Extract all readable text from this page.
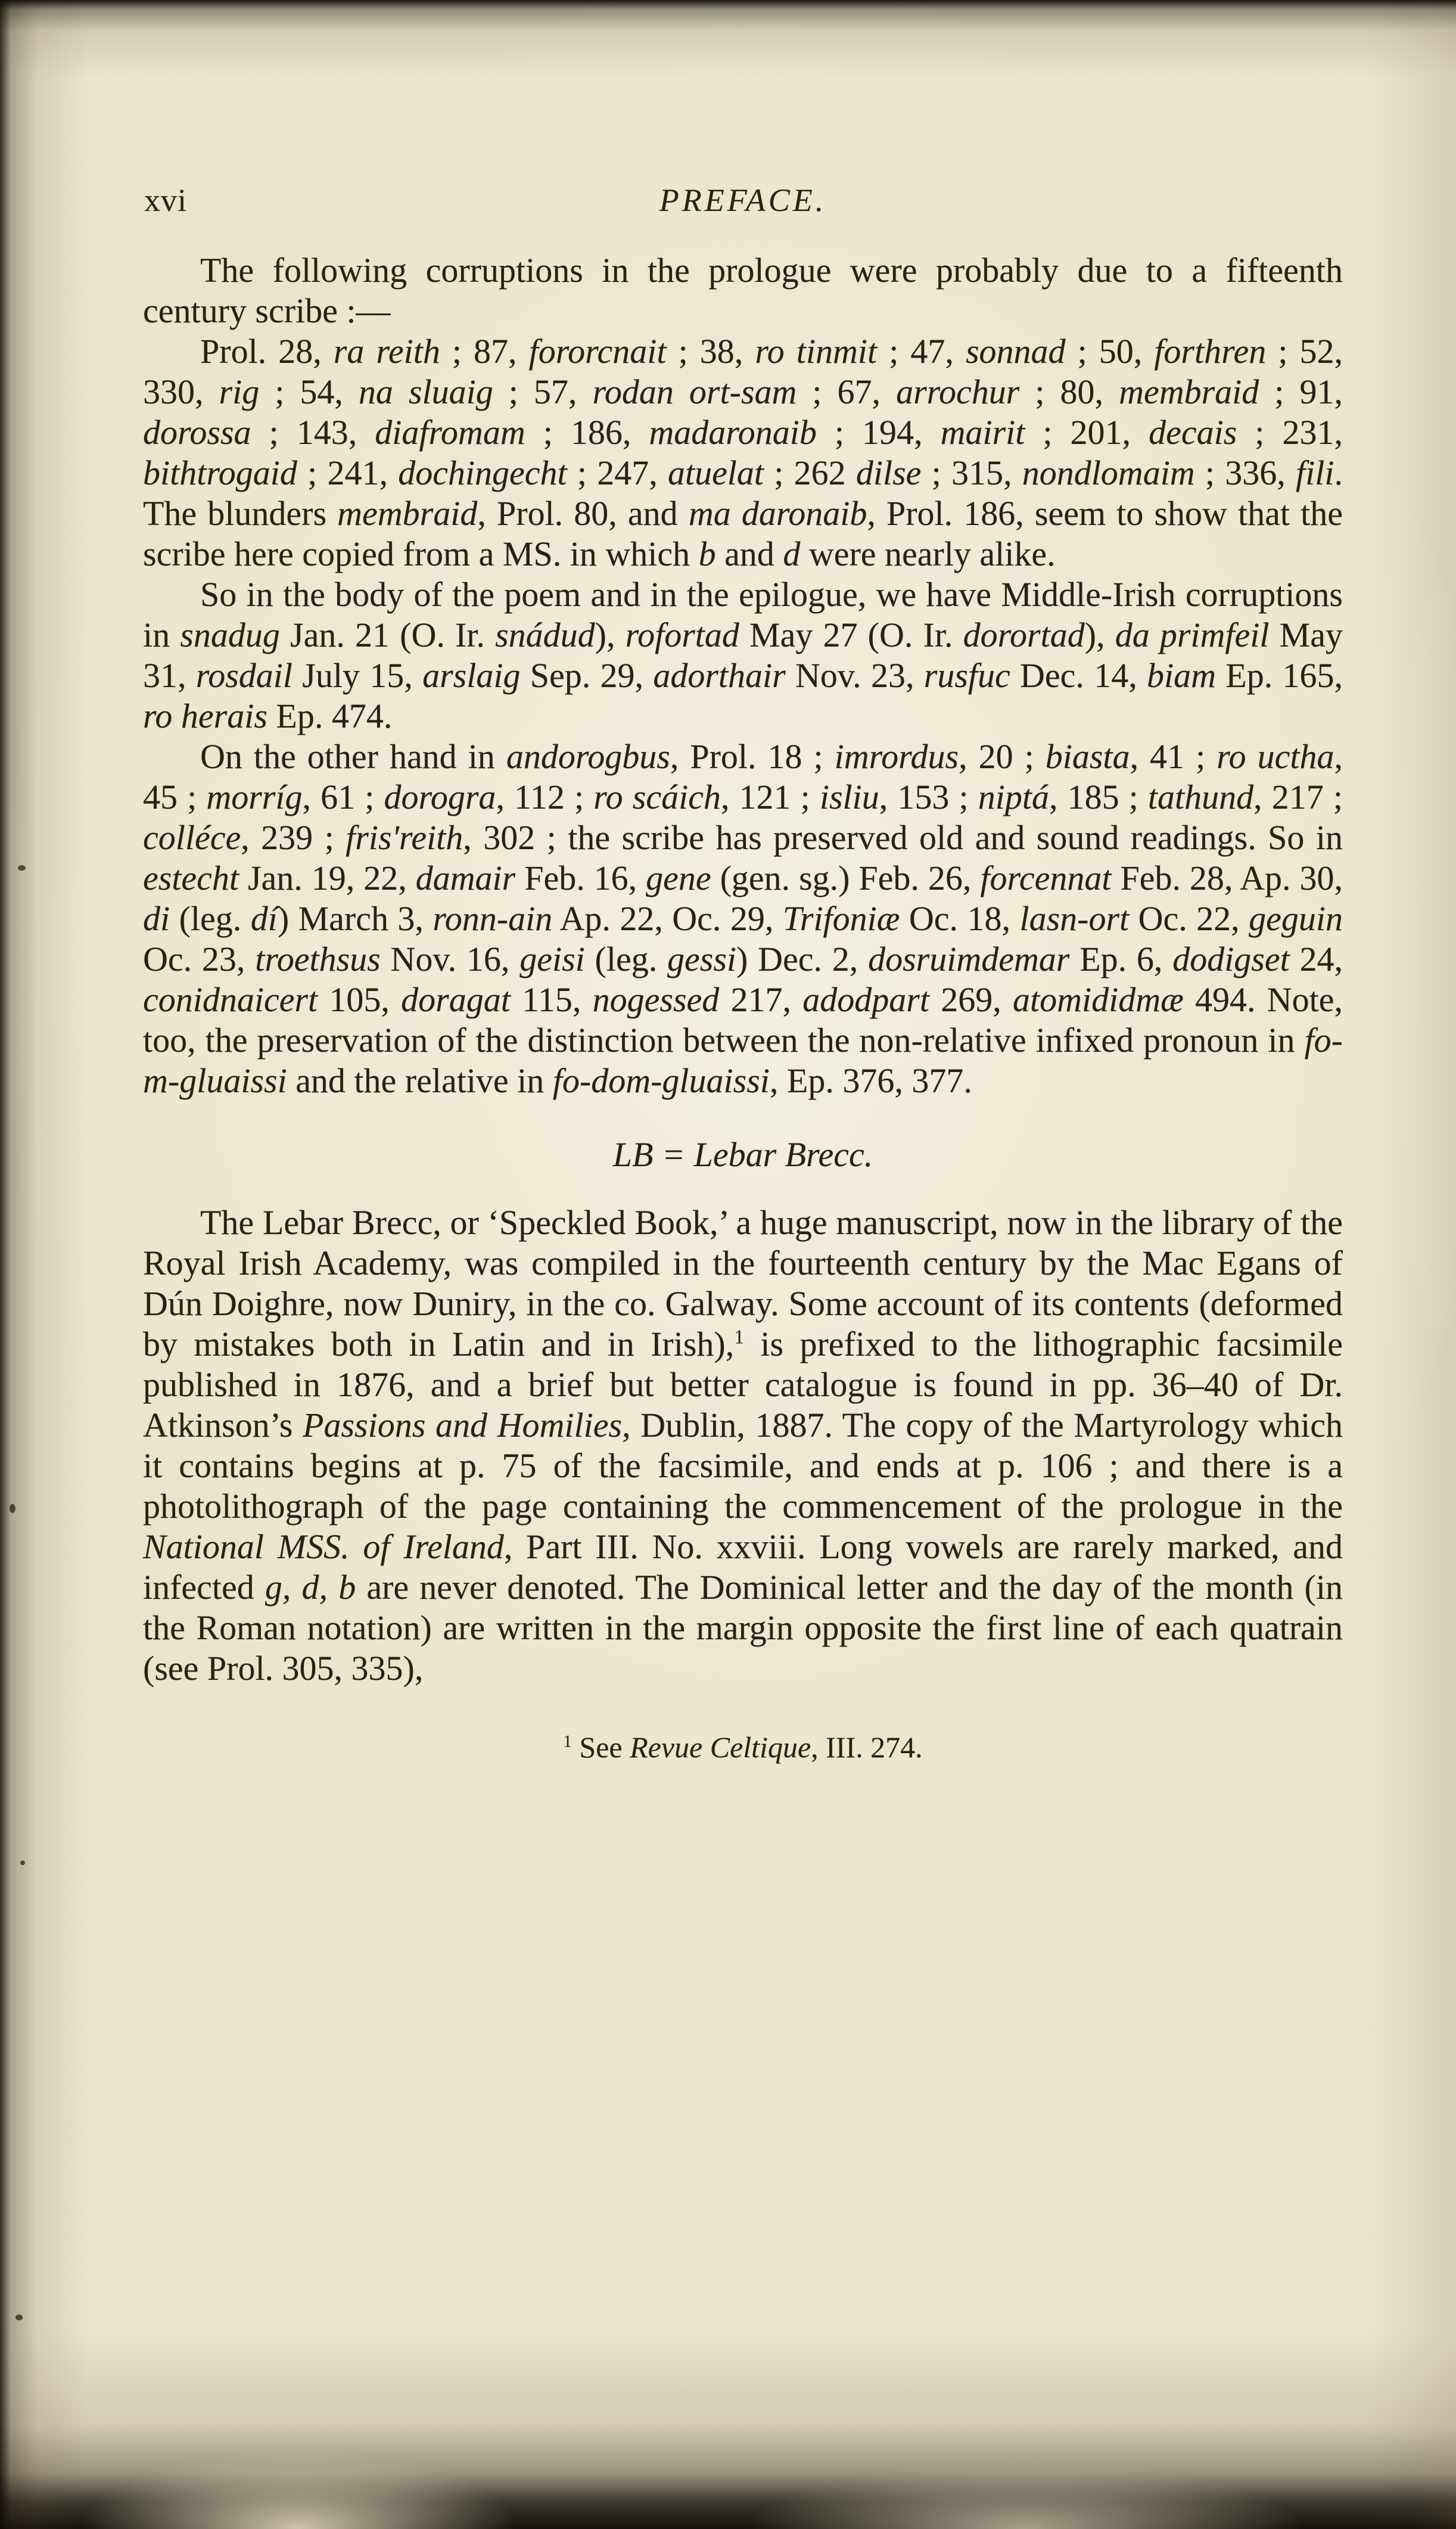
xvi	PREFACE.

The following corruptions in the prologue were probably due to a fifteenth century scribe :—

Prol. 28, ra reith ; 87, fororcnait ; 38, ro tinmit ; 47, sonnad ; 50, forthren ; 52, 330, rig ; 54, na sluaig ; 57, rodan ort-sam ; 67, arrochur ; 80, membraid ; 91, dorossa ; 143, diafromam ; 186, madaronaib ; 194, mairit ; 201, decais ; 231, bithtrogaid ; 241, dochingecht ; 247, atuelat ; 262 dilse ; 315, nondlomaim ; 336, fili. The blunders membraid, Prol. 80, and ma daronaib, Prol. 186, seem to show that the scribe here copied from a MS. in which b and d were nearly alike.

So in the body of the poem and in the epilogue, we have Middle-Irish corruptions in snadug Jan. 21 (O. Ir. snádud), rofortad May 27 (O. Ir. dorortad), da primfeil May 31, rosdail July 15, arslaig Sep. 29, adorthair Nov. 23, rusfuc Dec. 14, biam Ep. 165, ro herais Ep. 474.

On the other hand in andorogbus, Prol. 18 ; imrordus, 20 ; biasta, 41 ; ro uctha, 45 ; morríg, 61 ; dorogra, 112 ; ro scáich, 121 ; isliu, 153 ; niptá, 185 ; tathund, 217 ; colléce, 239 ; fris'reith, 302 ; the scribe has preserved old and sound readings. So in estecht Jan. 19, 22, damair Feb. 16, gene (gen. sg.) Feb. 26, forcennat Feb. 28, Ap. 30, di (leg. dí) March 3, ronn-ain Ap. 22, Oc. 29, Trifoniæ Oc. 18, lasn-ort Oc. 22, geguin Oc. 23, troethsus Nov. 16, geisi (leg. gessi) Dec. 2, dosruimdemar Ep. 6, dodigset 24, conidnaicert 105, doragat 115, nogessed 217, adodpart 269, atomididmæ 494. Note, too, the preservation of the distinction between the non-relative infixed pronoun in fo-m-gluaissi and the relative in fo-dom-gluaissi, Ep. 376, 377.

LB = Lebar Brecc.

The Lebar Brecc, or ‘Speckled Book,’ a huge manuscript, now in the library of the Royal Irish Academy, was compiled in the fourteenth century by the Mac Egans of Dún Doighre, now Duniry, in the co. Galway. Some account of its contents (deformed by mistakes both in Latin and in Irish),$^1$ is prefixed to the lithographic facsimile published in 1876, and a brief but better catalogue is found in pp. 36–40 of Dr. Atkinson’s Passions and Homilies, Dublin, 1887. The copy of the Martyrology which it contains begins at p. 75 of the facsimile, and ends at p. 106 ; and there is a photolithograph of the page containing the commencement of the prologue in the National MSS. of Ireland, Part III. No. xxviii. Long vowels are rarely marked, and infected g, d, b are never denoted. The Dominical letter and the day of the month (in the Roman notation) are written in the margin opposite the first line of each quatrain (see Prol. 305, 335),

$^1$ See Revue Celtique, III. 274.
